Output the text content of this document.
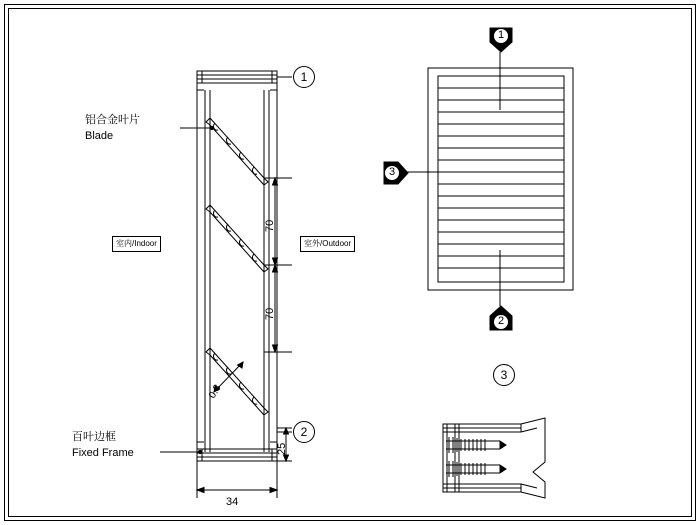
铝合金叶片
Blade
百叶边框
Fixed Frame
室内/Indoor	室外/Outdoor
70
70
25
0.8
34
1
2
3
1
2
3
